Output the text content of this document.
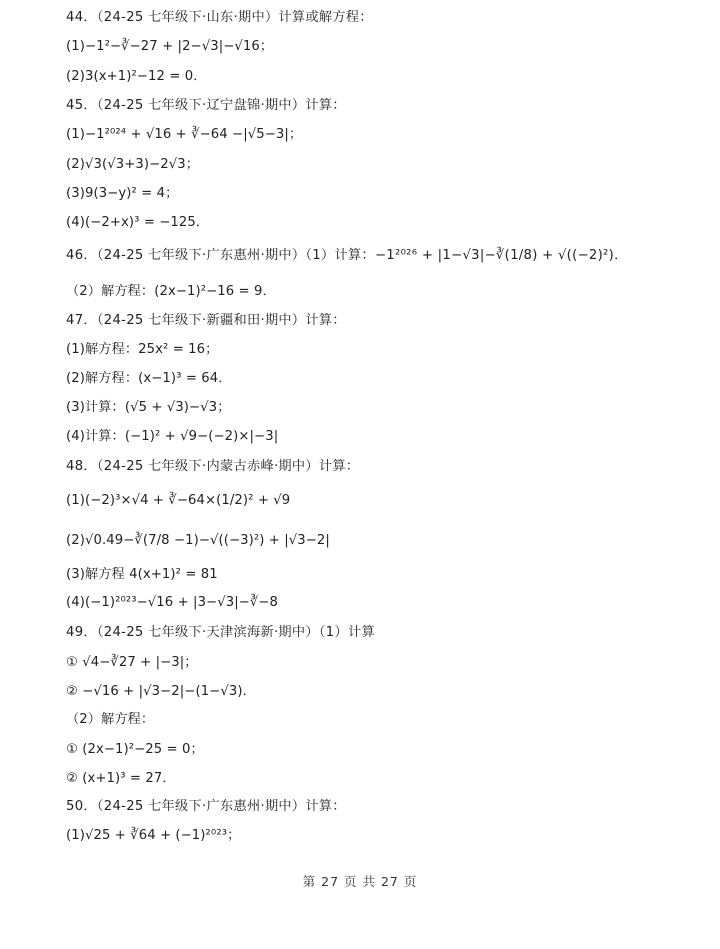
44．（24-25 七年级下·山东·期中）计算或解方程：
(1)−1²−∛−27 + |2−√3|−√16；
(2)3(x+1)²−12 = 0．
45．（24-25 七年级下·辽宁盘锦·期中）计算：
(1)−1²⁰²⁴ + √16 + ∛−64 −|√5−3|；
(2)√3(√3+3)−2√3；
(3)9(3−y)² = 4；
(4)(−2+x)³ = −125．
46．（24-25 七年级下·广东惠州·期中）（1）计算：−1²⁰²⁶ + |1−√3|−∛(1/8) + √((−2)²)．
（2）解方程：(2x−1)²−16 = 9．
47．（24-25 七年级下·新疆和田·期中）计算：
(1)解方程：25x² = 16；
(2)解方程：(x−1)³ = 64．
(3)计算：(√5 + √3)−√3；
(4)计算：(−1)² + √9−(−2)×|−3|
48．（24-25 七年级下·内蒙古赤峰·期中）计算：
(1)(−2)³×√4 + ∛−64×(1/2)² + √9
(2)√0.49−∛(7/8 −1)−√((−3)²) + |√3−2|
(3)解方程 4(x+1)² = 81
(4)(−1)²⁰²³−√16 + |3−√3|−∛−8
49．（24-25 七年级下·天津滨海新·期中）（1）计算
① √4−∛27 + |−3|；
② −√16 + |√3−2|−(1−√3)．
（2）解方程：
① (2x−1)²−25 = 0；
② (x+1)³ = 27．
50．（24-25 七年级下·广东惠州·期中）计算：
(1)√25 + ∛64 + (−1)²⁰²³；
第 27 页 共 27 页
